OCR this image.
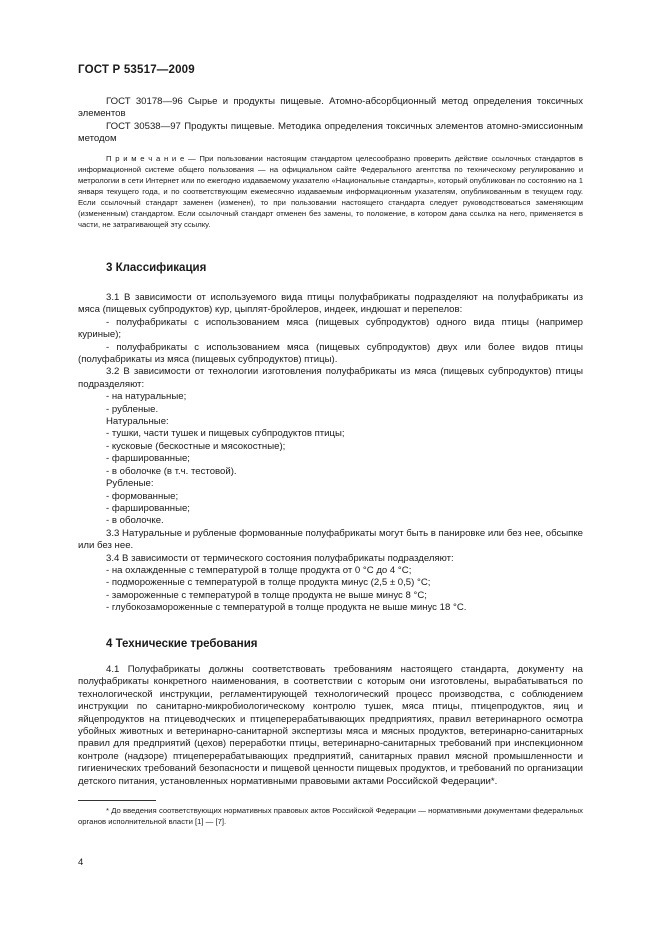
ГОСТ Р 53517—2009

ГОСТ 30178—96 Сырье и продукты пищевые. Атомно-абсорбционный метод определения токсичных элементов

ГОСТ 30538—97 Продукты пищевые. Методика определения токсичных элементов атомно-эмиссионным методом

П р и м е ч а н и е — При пользовании настоящим стандартом целесообразно проверить действие ссылочных стандартов в информационной системе общего пользования — на официальном сайте Федерального агентства по техническому регулированию и метрологии в сети Интернет или по ежегодно издаваемому указателю «Национальные стандарты», который опубликован по состоянию на 1 января текущего года, и по соответствующим ежемесячно издаваемым информационным указателям, опубликованным в текущем году. Если ссылочный стандарт заменен (изменен), то при пользовании настоящего стандарта следует руководствоваться заменяющим (измененным) стандартом. Если ссылочный стандарт отменен без замены, то положение, в котором дана ссылка на него, применяется в части, не затрагивающей эту ссылку.

3 Классификация

3.1 В зависимости от используемого вида птицы полуфабрикаты подразделяют на полуфабрикаты из мяса (пищевых субпродуктов) кур, цыплят-бройлеров, индеек, индюшат и перепелов:

- полуфабрикаты с использованием мяса (пищевых субпродуктов) одного вида птицы (например куриные);

- полуфабрикаты с использованием мяса (пищевых субпродуктов) двух или более видов птицы (полуфабрикаты из мяса (пищевых субпродуктов) птицы).

3.2 В зависимости от технологии изготовления полуфабрикаты из мяса (пищевых субпродуктов) птицы подразделяют:

- на натуральные;

- рубленые.

Натуральные:

- тушки, части тушек и пищевых субпродуктов птицы;

- кусковые (бескостные и мясокостные);

- фаршированные;

- в оболочке (в т.ч. тестовой).

Рубленые:

- формованные;

- фаршированные;

- в оболочке.

3.3 Натуральные и рубленые формованные полуфабрикаты могут быть в панировке или без нее, обсыпке или без нее.

3.4 В зависимости от термического состояния полуфабрикаты подразделяют:

- на охлажденные с температурой в толще продукта от 0 °С до 4 °С;

- подмороженные с температурой в толще продукта минус (2,5 ± 0,5) °С;

- замороженные с температурой в толще продукта не выше минус 8 °С;

- глубокозамороженные с температурой в толще продукта не выше минус 18 °С.

4 Технические требования

4.1 Полуфабрикаты должны соответствовать требованиям настоящего стандарта, документу на полуфабрикаты конкретного наименования, в соответствии с которым они изготовлены, вырабатываться по технологической инструкции, регламентирующей технологический процесс производства, с соблюдением инструкции по санитарно-микробиологическому контролю тушек, мяса птицы, птицепродуктов, яиц и яйцепродуктов на птицеводческих и птицеперерабатывающих предприятиях, правил ветеринарного осмотра убойных животных и ветеринарно-санитарной экспертизы мяса и мясных продуктов, ветеринарно-санитарных правил для предприятий (цехов) переработки птицы, ветеринарно-санитарных требований при инспекционном контроле (надзоре) птицеперерабатывающих предприятий, санитарных правил мясной промышленности и гигиенических требований безопасности и пищевой ценности пищевых продуктов, и требований по организации детского питания, установленных нормативными правовыми актами Российской Федерации*.

* До введения соответствующих нормативных правовых актов Российской Федерации — нормативными документами федеральных органов исполнительной власти [1] — [7].

4
